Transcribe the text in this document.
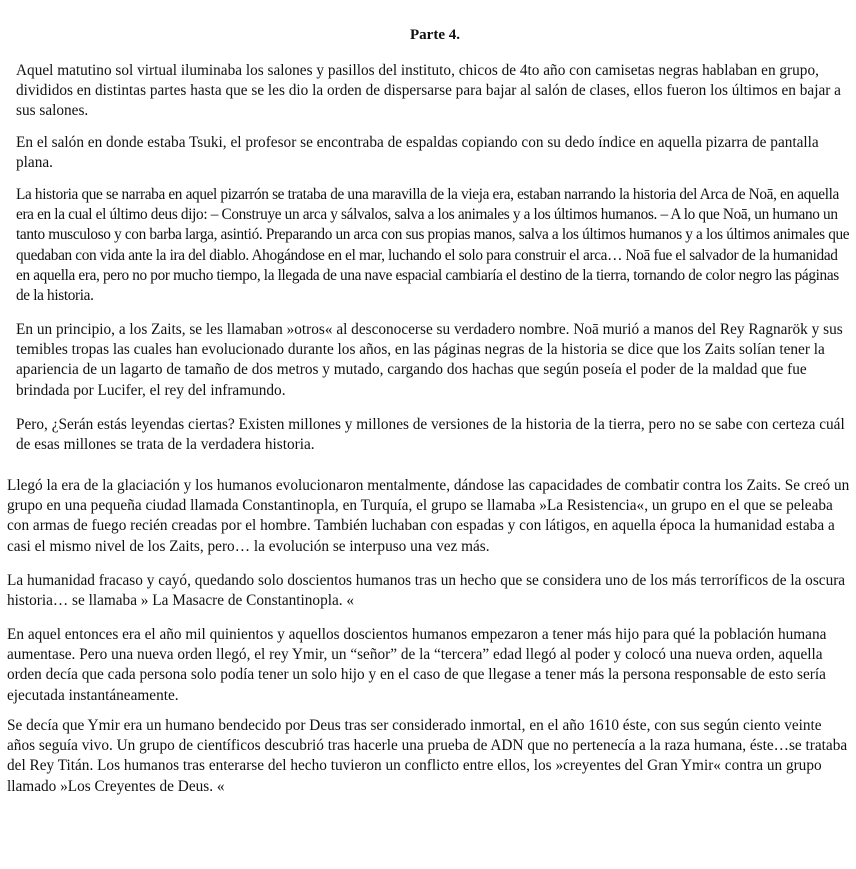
Parte 4.

Aquel matutino sol virtual iluminaba los salones y pasillos del instituto, chicos de 4to año con camisetas negras hablaban en grupo, divididos en distintas partes hasta que se les dio la orden de dispersarse para bajar al salón de clases, ellos fueron los últimos en bajar a sus salones.

En el salón en donde estaba Tsuki, el profesor se encontraba de espaldas copiando con su dedo índice en aquella pizarra de pantalla plana.

La historia que se narraba en aquel pizarrón se trataba de una maravilla de la vieja era, estaban narrando la historia del Arca de Noā, en aquella era en la cual el último deus dijo: – Construye un arca y sálvalos, salva a los animales y a los últimos humanos. – A lo que Noā, un humano un tanto musculoso y con barba larga, asintió. Preparando un arca con sus propias manos, salva a los últimos humanos y a los últimos animales que quedaban con vida ante la ira del diablo. Ahogándose en el mar, luchando el solo para construir el arca… Noā fue el salvador de la humanidad en aquella era, pero no por mucho tiempo, la llegada de una nave espacial cambiaría el destino de la tierra, tornando de color negro las páginas de la historia.

En un principio, a los Zaits, se les llamaban »otros« al desconocerse su verdadero nombre. Noā murió a manos del Rey Ragnarök y sus temibles tropas las cuales han evolucionado durante los años, en las páginas negras de la historia se dice que los Zaits solían tener la apariencia de un lagarto de tamaño de dos metros y mutado, cargando dos hachas que según poseía el poder de la maldad que fue brindada por Lucifer, el rey del inframundo.

Pero, ¿Serán estás leyendas ciertas? Existen millones y millones de versiones de la historia de la tierra, pero no se sabe con certeza cuál de esas millones se trata de la verdadera historia.

Llegó la era de la glaciación y los humanos evolucionaron mentalmente, dándose las capacidades de combatir contra los Zaits. Se creó un grupo en una pequeña ciudad llamada Constantinopla, en Turquía, el grupo se llamaba »La Resistencia«, un grupo en el que se peleaba con armas de fuego recién creadas por el hombre. También luchaban con espadas y con látigos, en aquella época la humanidad estaba a casi el mismo nivel de los Zaits, pero… la evolución se interpuso una vez más.

La humanidad fracaso y cayó, quedando solo doscientos humanos tras un hecho que se considera uno de los más terroríficos de la oscura historia… se llamaba » La Masacre de Constantinopla. «

En aquel entonces era el año mil quinientos y aquellos doscientos humanos empezaron a tener más hijo para qué la población humana aumentase. Pero una nueva orden llegó, el rey Ymir, un “señor” de la “tercera” edad llegó al poder y colocó una nueva orden, aquella orden decía que cada persona solo podía tener un solo hijo y en el caso de que llegase a tener más la persona responsable de esto sería ejecutada instantáneamente.

Se decía que Ymir era un humano bendecido por Deus tras ser considerado inmortal, en el año 1610 éste, con sus según ciento veinte años seguía vivo. Un grupo de científicos descubrió tras hacerle una prueba de ADN que no pertenecía a la raza humana, éste…se trataba del Rey Titán. Los humanos tras enterarse del hecho tuvieron un conflicto entre ellos, los »creyentes del Gran Ymir« contra un grupo llamado »Los Creyentes de Deus. «
